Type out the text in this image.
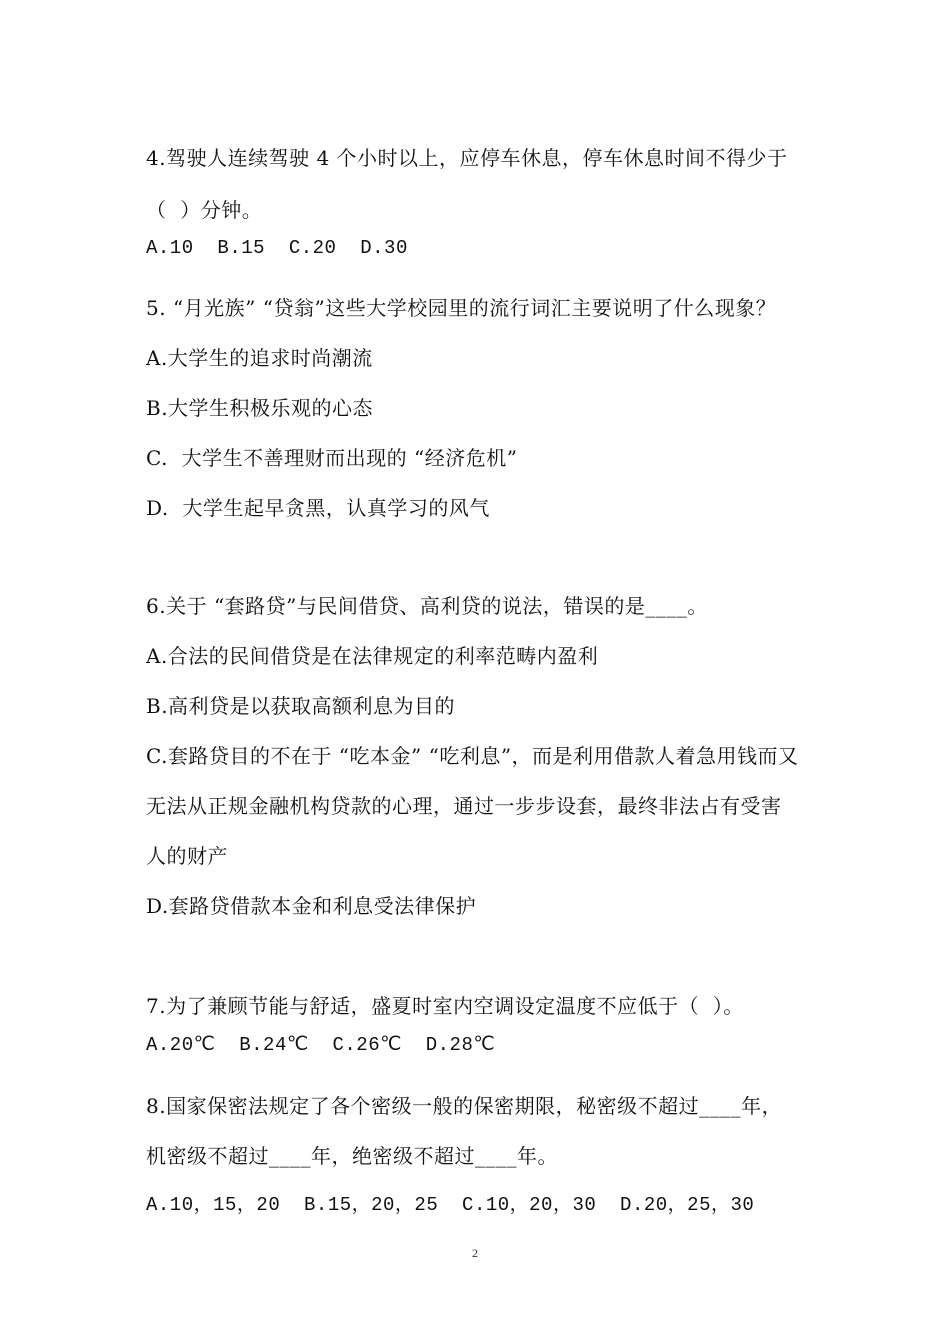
4.驾驶人连续驾驶 4 个小时以上，应停车休息，停车休息时间不得少于
（  ）分钟。
A.10  B.15  C.20  D.30
5. “月光族” “贷翁”这些大学校园里的流行词汇主要说明了什么现象？
A.大学生的追求时尚潮流
B.大学生积极乐观的心态
C.  大学生不善理财而出现的 “经济危机”
D.  大学生起早贪黑，认真学习的风气
6.关于 “套路贷”与民间借贷、高利贷的说法，错误的是____。
A.合法的民间借贷是在法律规定的利率范畴内盈利
B.高利贷是以获取高额利息为目的
C.套路贷目的不在于 “吃本金” “吃利息”，而是利用借款人着急用钱而又
无法从正规金融机构贷款的心理，通过一步步设套，最终非法占有受害
人的财产
D.套路贷借款本金和利息受法律保护
7.为了兼顾节能与舒适，盛夏时室内空调设定温度不应低于（  ）。
A.20℃  B.24℃  C.26℃  D.28℃
8.国家保密法规定了各个密级一般的保密期限，秘密级不超过____年，
机密级不超过____年，绝密级不超过____年。
A.10，15，20  B.15，20，25  C.10，20，30  D.20，25，30
2
